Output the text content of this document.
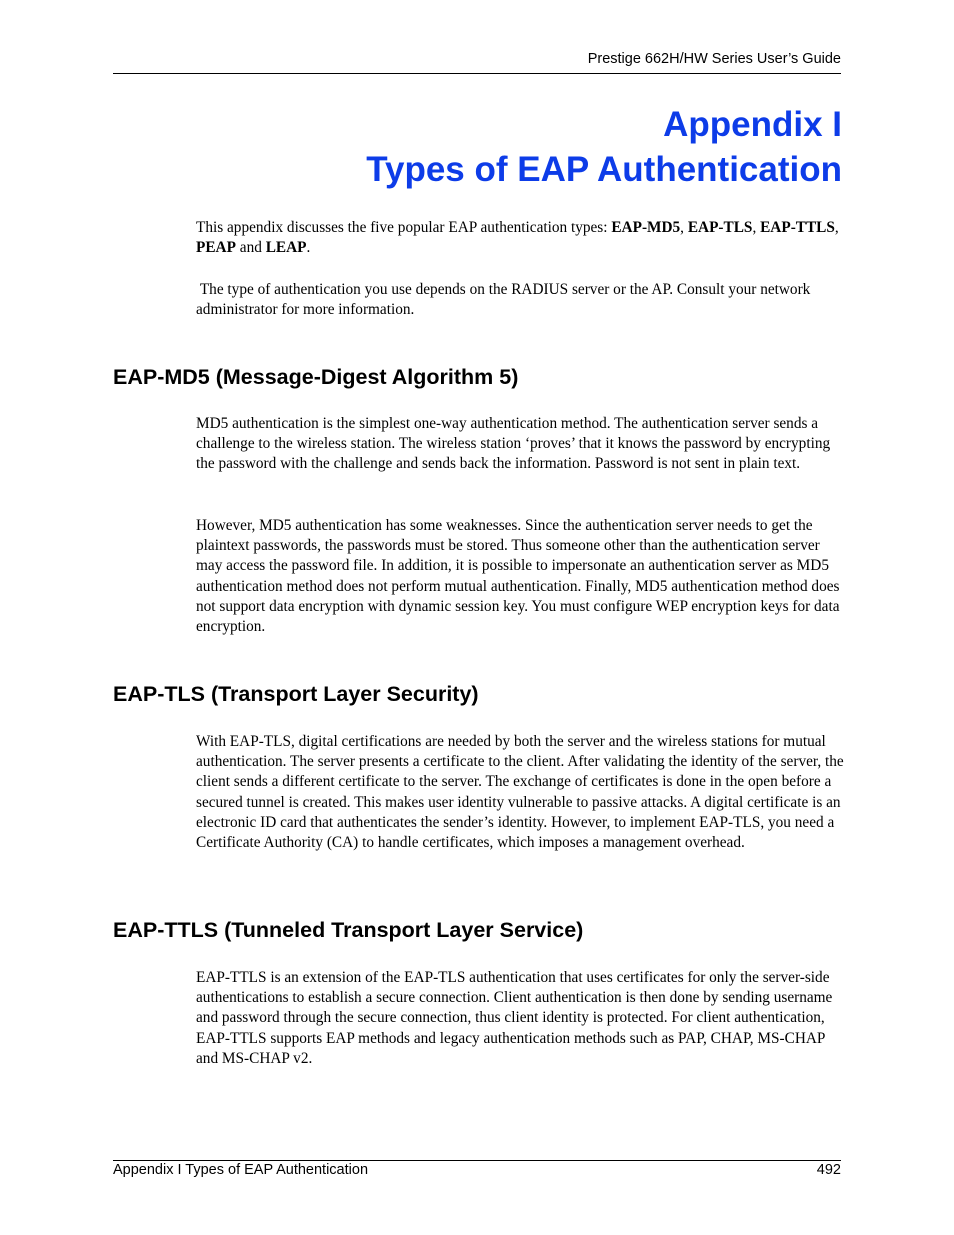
Prestige 662H/HW Series User’s Guide
Appendix I
Types of EAP Authentication

This appendix discusses the five popular EAP authentication types: EAP-MD5, EAP-TLS, EAP-TTLS, PEAP and LEAP.

The type of authentication you use depends on the RADIUS server or the AP. Consult your network administrator for more information.

EAP-MD5 (Message-Digest Algorithm 5)

MD5 authentication is the simplest one-way authentication method. The authentication server sends a challenge to the wireless station. The wireless station ‘proves’ that it knows the password by encrypting the password with the challenge and sends back the information. Password is not sent in plain text.

However, MD5 authentication has some weaknesses. Since the authentication server needs to get the plaintext passwords, the passwords must be stored. Thus someone other than the authentication server may access the password file. In addition, it is possible to impersonate an authentication server as MD5 authentication method does not perform mutual authentication. Finally, MD5 authentication method does not support data encryption with dynamic session key. You must configure WEP encryption keys for data encryption.

EAP-TLS (Transport Layer Security)

With EAP-TLS, digital certifications are needed by both the server and the wireless stations for mutual authentication. The server presents a certificate to the client. After validating the identity of the server, the client sends a different certificate to the server. The exchange of certificates is done in the open before a secured tunnel is created. This makes user identity vulnerable to passive attacks. A digital certificate is an electronic ID card that authenticates the sender’s identity. However, to implement EAP-TLS, you need a Certificate Authority (CA) to handle certificates, which imposes a management overhead.

EAP-TTLS (Tunneled Transport Layer Service)

EAP-TTLS is an extension of the EAP-TLS authentication that uses certificates for only the server-side authentications to establish a secure connection. Client authentication is then done by sending username and password through the secure connection, thus client identity is protected. For client authentication, EAP-TTLS supports EAP methods and legacy authentication methods such as PAP, CHAP, MS-CHAP and MS-CHAP v2.

Appendix I Types of EAP Authentication	492
